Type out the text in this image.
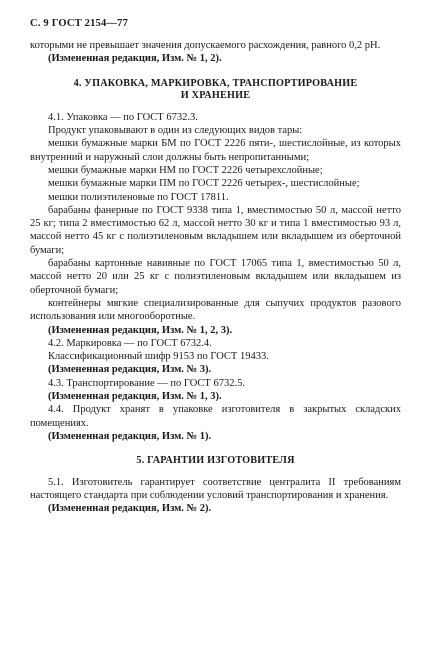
С. 9 ГОСТ 2154—77

которыми не превышает значения допускаемого расхождения, равного 0,2 pH.

(Измененная редакция, Изм. № 1, 2).

4. УПАКОВКА, МАРКИРОВКА, ТРАНСПОРТИРОВАНИЕ
И ХРАНЕНИЕ

4.1. Упаковка — по ГОСТ 6732.3.

Продукт упаковывают в один из следующих видов тары:

мешки бумажные марки БМ по ГОСТ 2226 пяти-, шестислойные, из которых внутренний и наружный слои должны быть непропитанными;

мешки бумажные марки НМ по ГОСТ 2226 четырехслойные;

мешки бумажные марки ПМ по ГОСТ 2226 четырех-, шестислойные;

мешки полиэтиленовые по ГОСТ 17811.

барабаны фанерные по ГОСТ 9338 типа 1, вместимостью 50 л, массой нетто 25 кг; типа 2 вместимостью 62 л, массой нетто 30 кг и типа 1 вместимостью 93 л, массой нетто 45 кг с полиэтиленовым вкладышем или вкладышем из оберточной бумаги;

барабаны картонные навивные по ГОСТ 17065 типа 1, вместимостью 50 л, массой нетто 20 или 25 кг с полиэтиленовым вкладышем или вкладышем из оберточной бумаги;

контейнеры мягкие специализированные для сыпучих продуктов разового использования или многооборотные.

(Измененная редакция, Изм. № 1, 2, 3).

4.2. Маркировка — по ГОСТ 6732.4.

Классификационный шифр 9153 по ГОСТ 19433.

(Измененная редакция, Изм. № 3).

4.3. Транспортирование — по ГОСТ 6732.5.

(Измененная редакция, Изм. № 1, 3).

4.4. Продукт хранят в упаковке изготовителя в закрытых складских помещениях.

(Измененная редакция, Изм. № 1).

5. ГАРАНТИИ ИЗГОТОВИТЕЛЯ

5.1. Изготовитель гарантирует соответствие централита II требованиям настоящего стандарта при соблюдении условий транспортирования и хранения.

(Измененная редакция, Изм. № 2).
